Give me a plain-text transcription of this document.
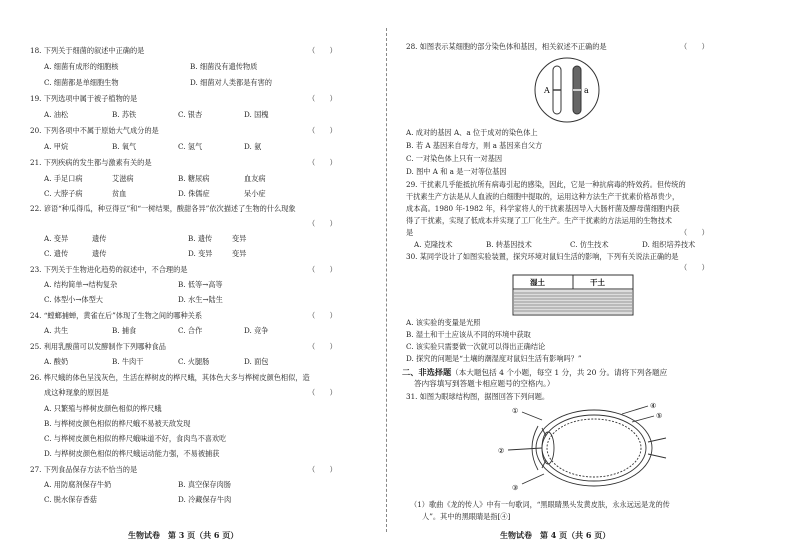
18. 下列关于细菌的叙述中正确的是	（　　）
A. 细菌有成形的细胞核	B. 细菌没有遗传物质
C. 细菌都是单细胞生物	D. 细菌对人类都是有害的
19. 下列选项中属于被子植物的是	（　　）
A. 油松	B. 苏铁	C. 银杏	D. 国槐
20. 下列各项中不属于原始大气成分的是	（　　）
A. 甲烷	B. 氧气	C. 氢气	D. 氨
21. 下列疾病的发生都与激素有关的是	（　　）
A. 手足口病	艾滋病	B. 糖尿病	血友病
C. 大脖子病	贫血	D. 侏儒症	呆小症
22. 谚语“种瓜得瓜，种豆得豆”和“一树结果，酸甜各异”依次描述了生物的什么现象
（　　）
A. 变异	遗传	B. 遗传	变异
C. 遗传	遗传	D. 变异	变异
23. 下列关于生物进化趋势的叙述中，不合理的是	（　　）
A. 结构简单→结构复杂	B. 低等→高等
C. 体型小→体型大	D. 水生→陆生
24. “螳螂捕蝉，黄雀在后”体现了生物之间的哪种关系	（　　）
A. 共生	B. 捕食	C. 合作	D. 竞争
25. 利用乳酸菌可以发酵制作下列哪种食品	（　　）
A. 酸奶	B. 牛肉干	C. 火腿肠	D. 面包
26. 桦尺蛾的体色呈浅灰色，生活在桦树皮的桦尺蛾，其体色大多与桦树皮颜色相似，造
成这种现象的原因是	（　　）
A. 只繁殖与桦树皮颜色相似的桦尺蛾
B. 与桦树皮颜色相似的桦尺蛾不易被天敌发现
C. 与桦树皮颜色相似的桦尺蛾味道不好，食肉鸟不喜欢吃
D. 与桦树皮颜色相似的桦尺蛾运动能力强，不易被捕获
27. 下列食品保存方法不恰当的是	（　　）
A. 用防腐剂保存牛奶	B. 真空保存肉肠
C. 脱水保存香菇	D. 冷藏保存牛肉
生物试卷　第 3 页（共 6 页）
28. 如图表示某细胞的部分染色体和基因，相关叙述不正确的是	（　　）
A	a
A. 成对的基因 A、a 位于成对的染色体上
B. 若 A 基因来自母方，则 a 基因来自父方
C. 一对染色体上只有一对基因
D. 图中 A 和 a 是一对等位基因
29. 干扰素几乎能抵抗所有病毒引起的感染，因此，它是一种抗病毒的特效药。但传统的
干扰素生产方法是从人血液的白细胞中提取的，运用这种方法生产干扰素价格昂贵少，
成本高。1980 年-1982 年，科学家将人的干扰素基因导入大肠杆菌及酵母菌细胞内获
得了干扰素，实现了低成本并实现了工厂化生产。生产干扰素的方法运用的生物技术
是	（　　）
A. 克隆技术	B. 转基因技术	C. 仿生技术	D. 组织培养技术
30. 某同学设计了如图实验装置，探究环境对鼠妇生活的影响，下列有关说法正确的是
（　　）
湿土	干土
A. 该实验的变量是光照
B. 湿土和干土应该从不同的环境中获取
C. 该实验只需要做一次就可以得出正确结论
D. 探究的问题是“土壤的潮湿度对鼠妇生活有影响吗？”
二、非选择题（本大题包括 4 个小题，每空 1 分，共 20 分。请将下列各题应
答内容填写到答题卡相应题号的空格内。）
31. 如图为眼球结构图，据图回答下列问题。
①
②
③
④
⑤
（1）歌曲《龙的传人》中有一句歌词，“黑眼睛黑头发黄皮肤，永永远远是龙的传
人”。其中的黑眼睛是指[④]
生物试卷　第 4 页（共 6 页）
